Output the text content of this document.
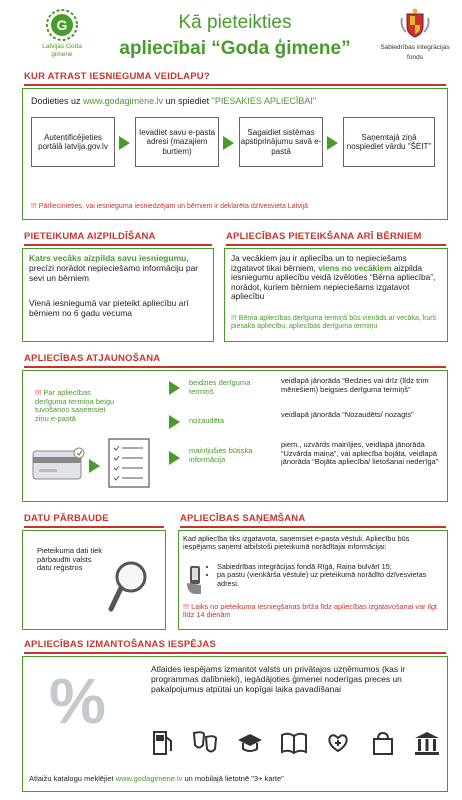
G
Latvijas Goda
ģimene
Kā pieteikties
apliecībai “Goda ģimene”	Sabiedrības integrācijas
fonds
KUR ATRAST IESNIEGUMA VEIDLAPU?
Dodieties uz www.godagimene.lv un spiediet "PIESAKIES APLIECĪBAI"
Autentificējieties portālā latvija.gov.lv
Ievadiet savu e-pasta adresi (mazajiem burtiem)
Sagaidiet sistēmas apstiprinājumu savā e-pastā
Saņemtajā ziņā nospiediet vārdu "ŠEIT"
!!! Pārliecinieties, vai iesnieguma iesniedzējam un bērniem ir deklarēta dzīvesvieta Latvijā
PIETEIKUMA AIZPILDĪŠANA
Katrs vecāks aizpilda savu iesniegumu, precīzi norādot nepieciešamo informāciju par sevi un bērniem
Vienā iesniegumā var pieteikt apliecību arī bērniem no 6 gadu vecuma
APLIECĪBAS PIETEIKŠANA ARĪ BĒRNIEM
Ja vecākiem jau ir apliecība un to nepieciešams izgatavot tikai bērniem, viens no vecākiem aizpilda iesniegumu apliecību veidā izvēloties “Bērna apliecība”, norādot, kuriem bērniem nepieciešams izgatavot apliecību
!!! Bērna apliecības derīguma termiņš būs vienāds ar vecāka, kurš piesaka apliecību, apliecības derīguma termiņu
APLIECĪBAS ATJAUNOŠANA
!!! Par apliecības derīguma termiņa beigu tuvošanos saņemsiet ziņu e-pastā
beidzies derīguma termiņš
veidlapā jānorāda “Bedzies vai drīz (līdz trim mēnešiem) beigsies derīguma termiņš”
nozaudēta
veidlapā jānorāda “Nozaudēts/ nozagts”
mainījušies būtiska informācija
piem., uzvārds mainījies, veidlapā jānorāda “Uzvārda maiņa”, vai apliecība bojāta, veidlapā jānorāda “Bojāta apliecība/ lietošanai nederīga”
DATU PĀRBAUDE
Pieteikuma dati tiek pārbaudīti valsts datu reģistros
APLIECĪBAS SAŅEMŠANA
Kad apliecība tiks izgatavota, saņemsiet e-pasta vēstuli. Apliecību būs iespējams saņemt atbilstoši pieteikumā norādītajai informācijai:
• Sabiedrības integrācijas fondā Rīgā, Raiņa bulvārī 15;
• pa pastu (vienkārša vēstule) uz pieteikumā norādīto dzīvesvietas adresi.
!!! Laiks no pieteikuma iesniegšanas brīža līdz apliecības izgatavošanai var ilgt līdz 14 dienām
APLIECĪBAS IZMANTOŠANAS IESPĒJAS
%	Atlaides iespējams izmantot valsts un privātajos uzņēmumos (kas ir programmas dalībnieki), iegādājoties ģimenei noderīgas preces un pakalpojumus atpūtai un kopīgai laika pavadīšanai
Atlaižu katalogu meklējiet www.godagimene.lv un mobilajā lietotnē "3+ karte"
